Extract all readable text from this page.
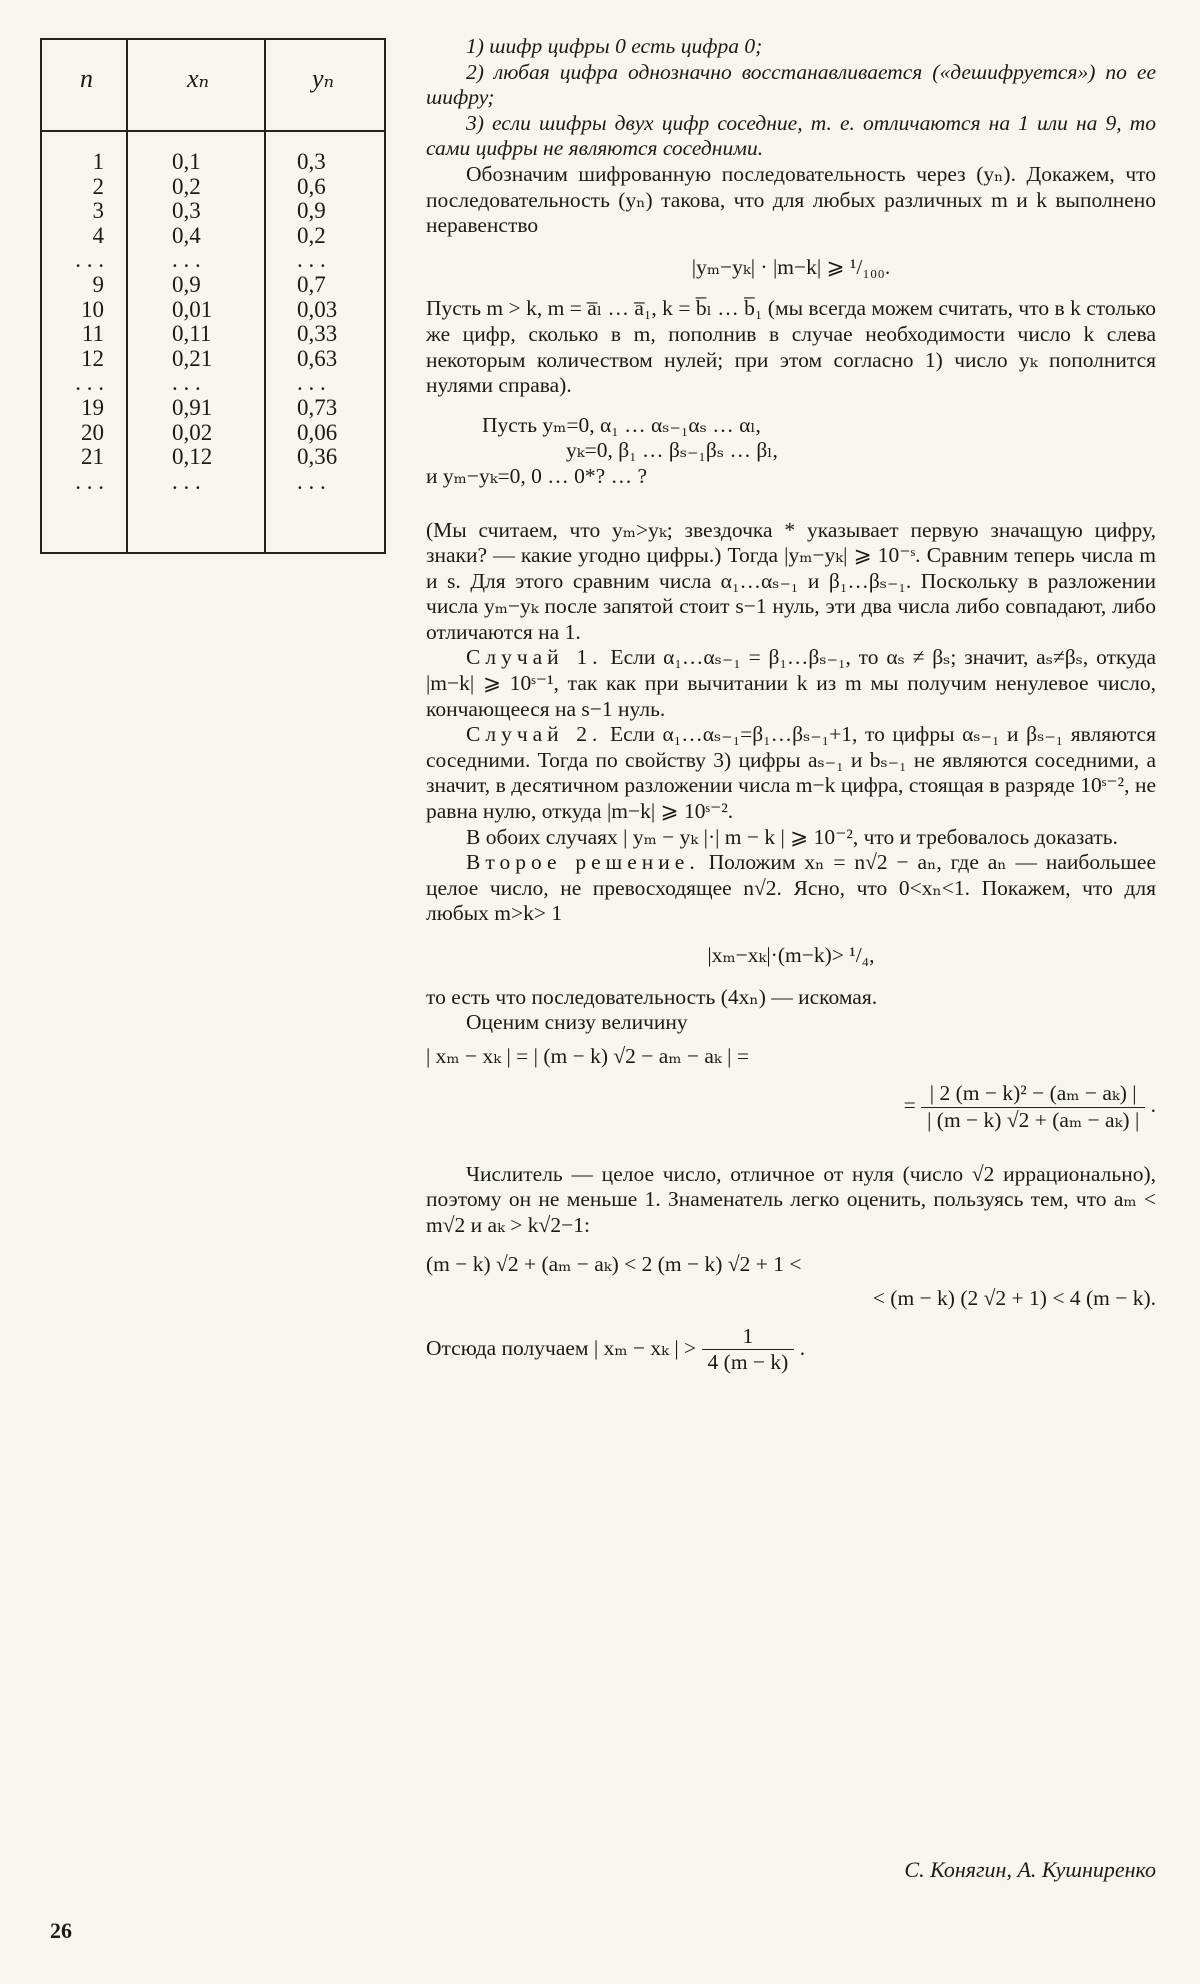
n	xₙ	yₙ
1	0,1	0,3
2	0,2	0,6
3	0,3	0,9
4	0,4	0,2
. . .	. . .	. . .
9	0,9	0,7
10	0,01	0,03
11	0,11	0,33
12	0,21	0,63
. . .	. . .	. . .
19	0,91	0,73
20	0,02	0,06
21	0,12	0,36
. . .	. . .	. . .

1) шифр цифры 0 есть цифра 0;

2) любая цифра однозначно восстанавливается («дешифруется») по ее шифру;

3) если шифры двух цифр соседние, т. е. отличаются на 1 или на 9, то сами цифры не являются соседними.

Обозначим шифрованную последовательность через (yₙ). Докажем, что последовательность (yₙ) такова, что для любых различных m и k выполнено неравенство

|yₘ−yₖ| · |m−k| ⩾ ¹/₁₀₀.

Пусть m > k, m = a̅ₗ … a̅₁, k = b̅ₗ … b̅₁ (мы всегда можем считать, что в k столько же цифр, сколько в m, пополнив в случае необходимости число k слева некоторым количеством нулей; при этом согласно 1) число yₖ пополнится нулями справа).

Пусть yₘ=0, α₁ … αₛ₋₁αₛ … αₗ,

yₖ=0, β₁ … βₛ₋₁βₛ … βₗ,

и yₘ−yₖ=0, 0 … 0*? … ?

(Мы считаем, что yₘ>yₖ; звездочка * указывает первую значащую цифру, знаки? — какие угодно цифры.) Тогда |yₘ−yₖ| ⩾ 10⁻ˢ. Сравним теперь числа m и s. Для этого сравним числа α₁…αₛ₋₁ и β₁…βₛ₋₁. Поскольку в разложении числа yₘ−yₖ после запятой стоит s−1 нуль, эти два числа либо совпадают, либо отличаются на 1.

Случай 1. Если α₁…αₛ₋₁ = β₁…βₛ₋₁, то αₛ ≠ βₛ; значит, aₛ≠βₛ, откуда |m−k| ⩾ 10ˢ⁻¹, так как при вычитании k из m мы получим ненулевое число, кончающееся на s−1 нуль.

Случай 2. Если α₁…αₛ₋₁=β₁…βₛ₋₁+1, то цифры αₛ₋₁ и βₛ₋₁ являются соседними. Тогда по свойству 3) цифры aₛ₋₁ и bₛ₋₁ не являются соседними, а значит, в десятичном разложении числа m−k цифра, стоящая в разряде 10ˢ⁻², не равна нулю, откуда |m−k| ⩾ 10ˢ⁻².

В обоих случаях | yₘ − yₖ |·| m − k | ⩾ 10⁻², что и требовалось доказать.

Второе решение. Положим xₙ = n√2 − aₙ, где aₙ — наибольшее целое число, не превосходящее n√2. Ясно, что 0<xₙ<1. Покажем, что для любых m>k> 1

|xₘ−xₖ|·(m−k)> ¹/₄,

то есть что последовательность (4xₙ) — искомая.

Оценим снизу величину

| xₘ − xₖ | = | (m − k) √2 − aₘ − aₖ | =

= $\frac{\text{| 2 (m − k)² − (aₘ − aₖ) |}}{\text{| (m − k) √2 + (aₘ − aₖ) |}}$ .

Числитель — целое число, отличное от нуля (число √2 иррационально), поэтому он не меньше 1. Знаменатель легко оценить, пользуясь тем, что aₘ < m√2 и aₖ > k√2−1:

(m − k) √2 + (aₘ − aₖ) < 2 (m − k) √2 + 1 <

< (m − k) (2 √2 + 1) < 4 (m − k).

Отсюда получаем | xₘ − xₖ | > $\frac{1}{4 (m - k)}$ .
С. Конягин, А. Кушниренко
26
